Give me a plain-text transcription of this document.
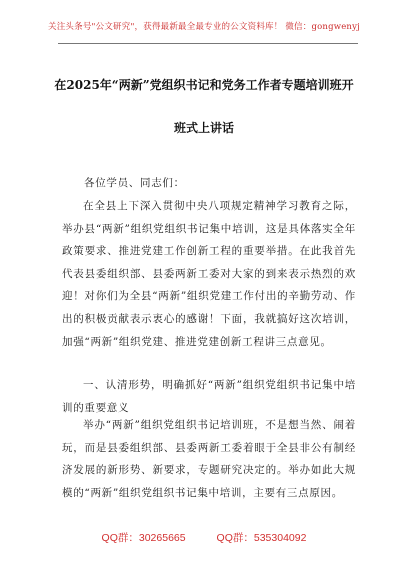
关注头条号"公文研究"，获得最新最全最专业的公文资料库！ 微信：gongwenyj
在2025年“两新”党组织书记和党务工作者专题培训班开
班式上讲话

各位学员、同志们：

在全县上下深入贯彻中央八项规定精神学习教育之际，举办县“两新”组织党组织书记集中培训，这是具体落实全年政策要求、推进党建工作创新工程的重要举措。在此我首先代表县委组织部、县委两新工委对大家的到来表示热烈的欢迎！对你们为全县“两新”组织党建工作付出的辛勤劳动、作出的积极贡献表示衷心的感谢！下面，我就搞好这次培训，加强“两新”组织党建、推进党建创新工程讲三点意见。

一、认清形势，明确抓好“两新”组织党组织书记集中培训的重要意义

举办“两新”组织党组织书记培训班，不是想当然、闹着玩，而是县委组织部、县委两新工委着眼于全县非公有制经济发展的新形势、新要求，专题研究决定的。举办如此大规模的“两新”组织党组织书记集中培训，主要有三点原因。

QQ群：30265665	QQ群：535304092
